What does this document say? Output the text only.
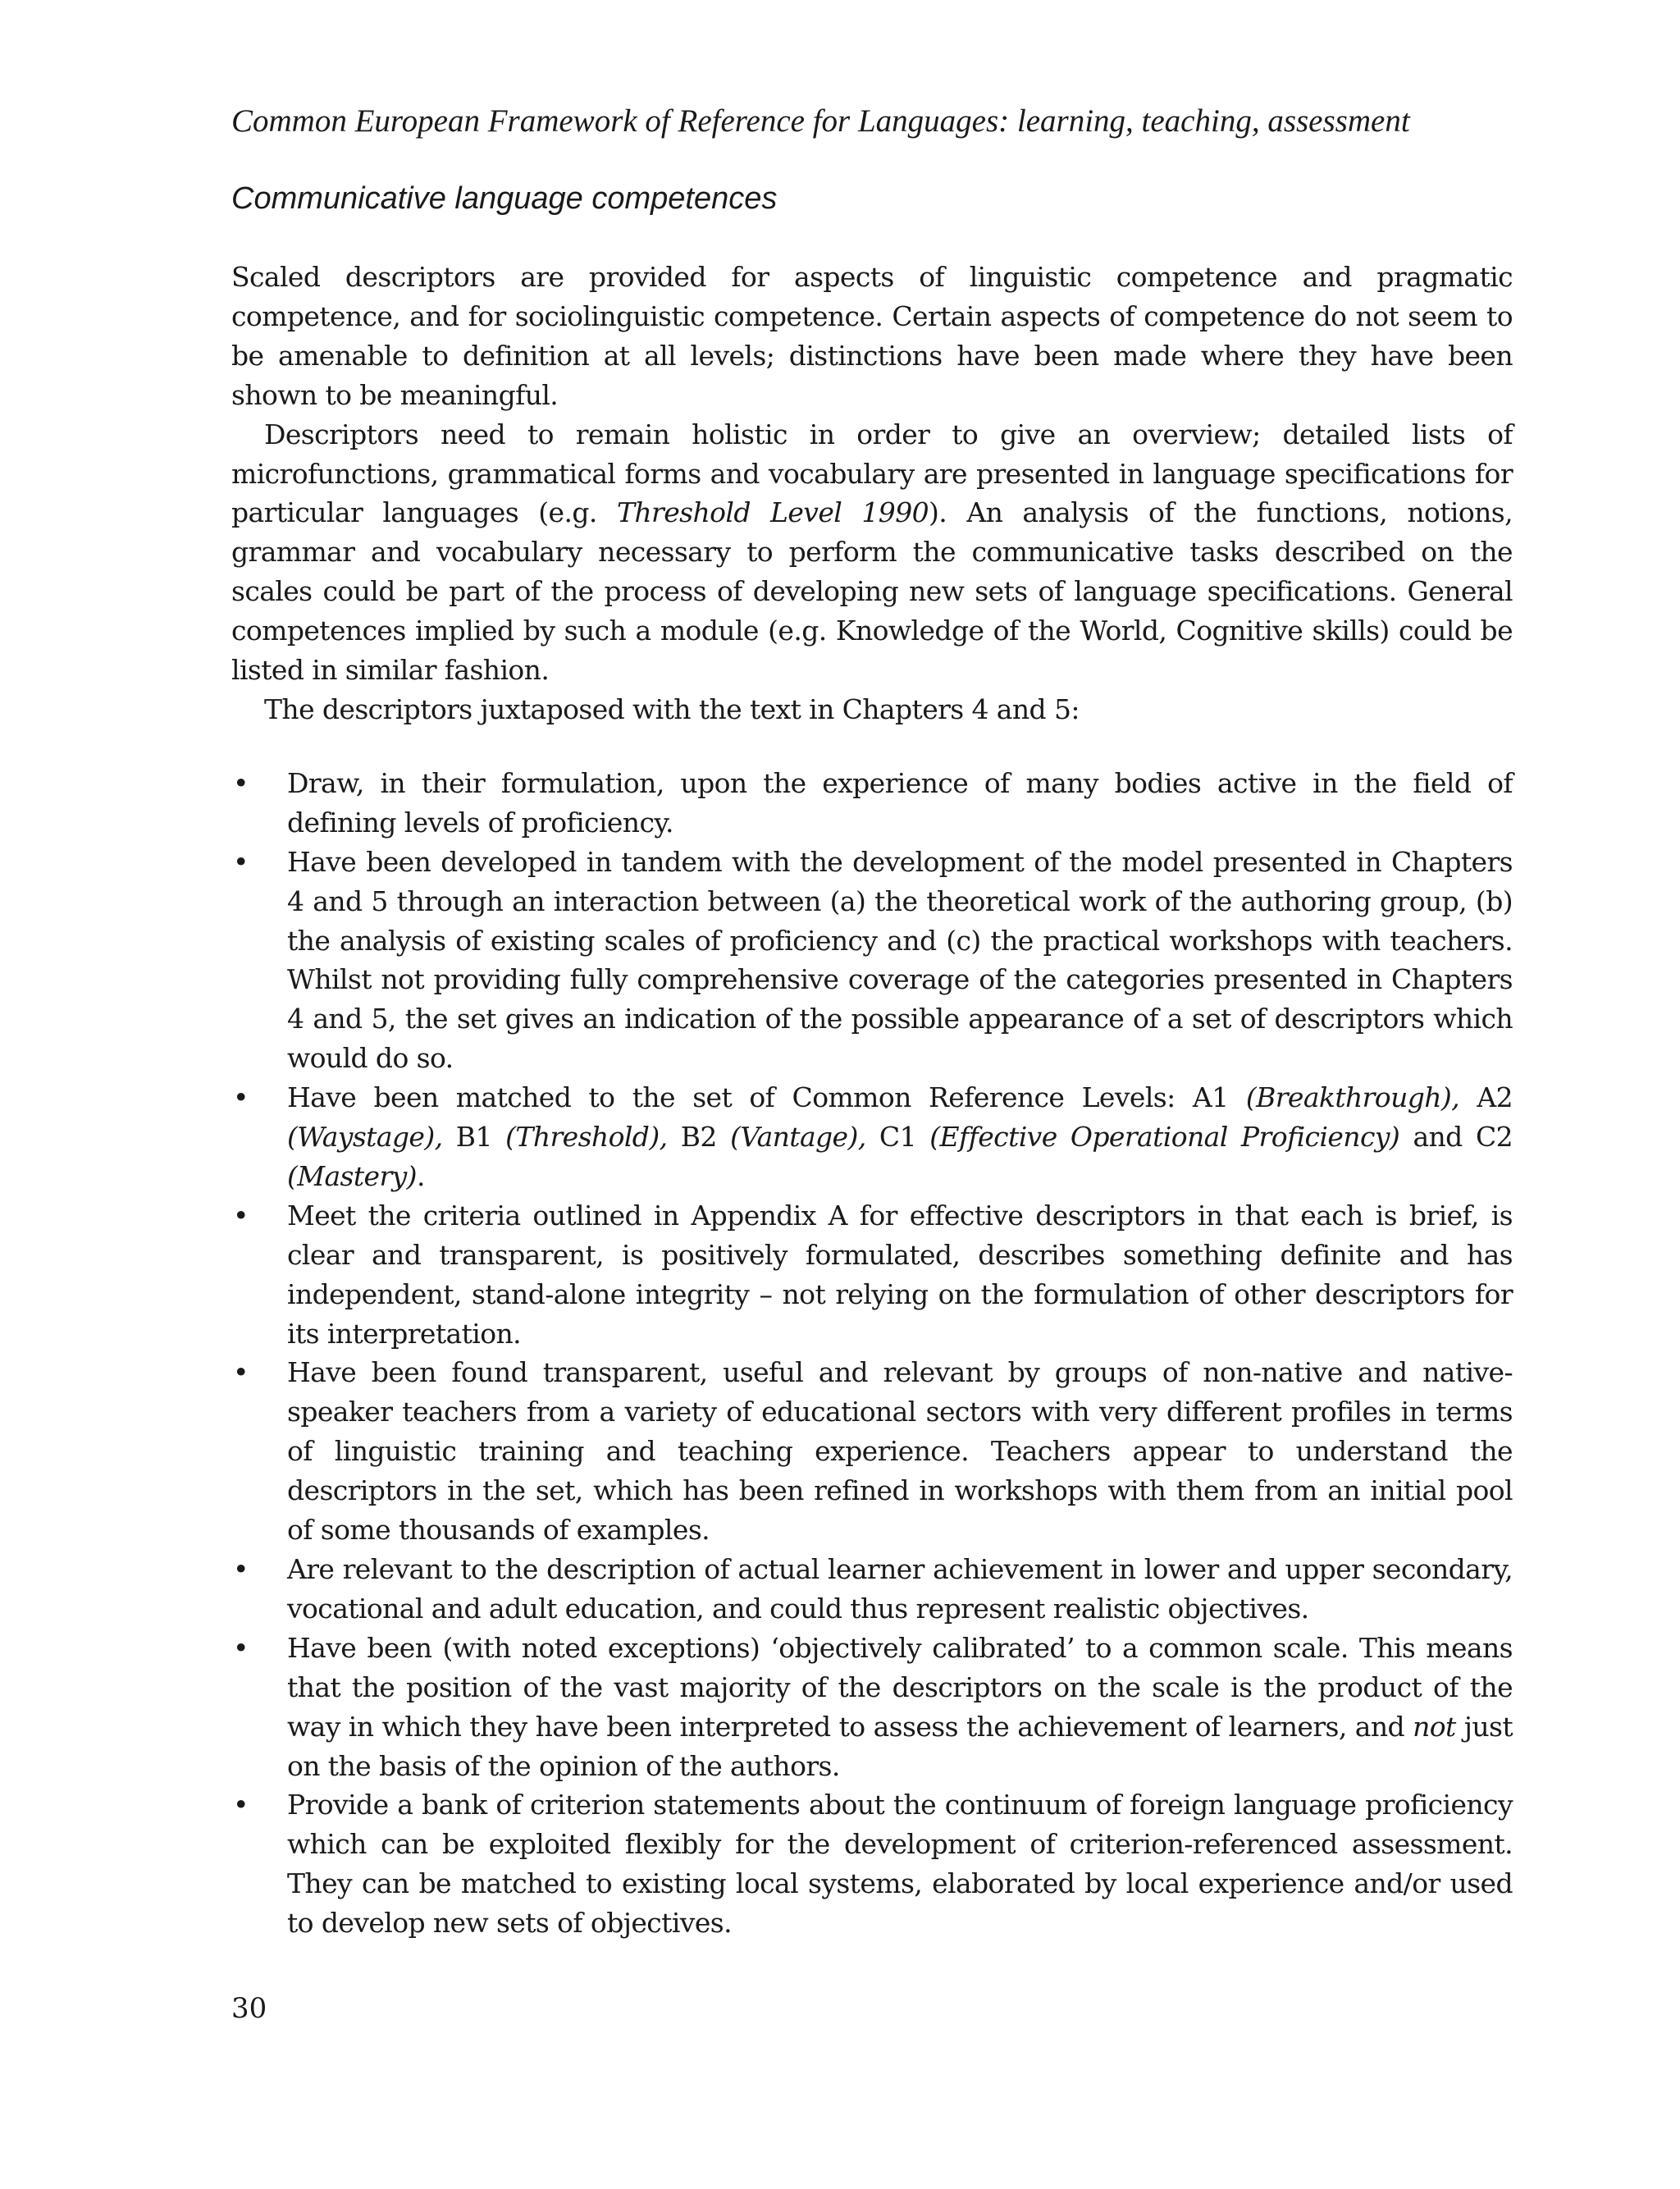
Common European Framework of Reference for Languages: learning, teaching, assessment
Communicative language competences

Scaled descriptors are provided for aspects of linguistic competence and pragmatic competence, and for sociolinguistic competence. Certain aspects of competence do not seem to be amenable to definition at all levels; distinctions have been made where they have been shown to be meaningful.

Descriptors need to remain holistic in order to give an overview; detailed lists of microfunctions, grammatical forms and vocabulary are presented in language specifications for particular languages (e.g. Threshold Level 1990). An analysis of the functions, notions, grammar and vocabulary necessary to perform the communicative tasks described on the scales could be part of the process of developing new sets of language specifications. General competences implied by such a module (e.g. Knowledge of the World, Cognitive skills) could be listed in similar fashion.

The descriptors juxtaposed with the text in Chapters 4 and 5:

• Draw, in their formulation, upon the experience of many bodies active in the field of defining levels of proficiency.
• Have been developed in tandem with the development of the model presented in Chapters 4 and 5 through an interaction between (a) the theoretical work of the authoring group, (b) the analysis of existing scales of proficiency and (c) the practical workshops with teachers. Whilst not providing fully comprehensive coverage of the categories presented in Chapters 4 and 5, the set gives an indication of the possible appearance of a set of descriptors which would do so.
• Have been matched to the set of Common Reference Levels: A1 (Breakthrough), A2 (Waystage), B1 (Threshold), B2 (Vantage), C1 (Effective Operational Proficiency) and C2 (Mastery).
• Meet the criteria outlined in Appendix A for effective descriptors in that each is brief, is clear and transparent, is positively formulated, describes something definite and has independent, stand-alone integrity – not relying on the formulation of other descriptors for its interpretation.
• Have been found transparent, useful and relevant by groups of non-native and native-speaker teachers from a variety of educational sectors with very different profiles in terms of linguistic training and teaching experience. Teachers appear to understand the descriptors in the set, which has been refined in workshops with them from an initial pool of some thousands of examples.
• Are relevant to the description of actual learner achievement in lower and upper secondary, vocational and adult education, and could thus represent realistic objectives.
• Have been (with noted exceptions) ‘objectively calibrated’ to a common scale. This means that the position of the vast majority of the descriptors on the scale is the product of the way in which they have been interpreted to assess the achievement of learners, and not just on the basis of the opinion of the authors.
• Provide a bank of criterion statements about the continuum of foreign language proficiency which can be exploited flexibly for the development of criterion-referenced assessment. They can be matched to existing local systems, elaborated by local experience and/or used to develop new sets of objectives.
30
